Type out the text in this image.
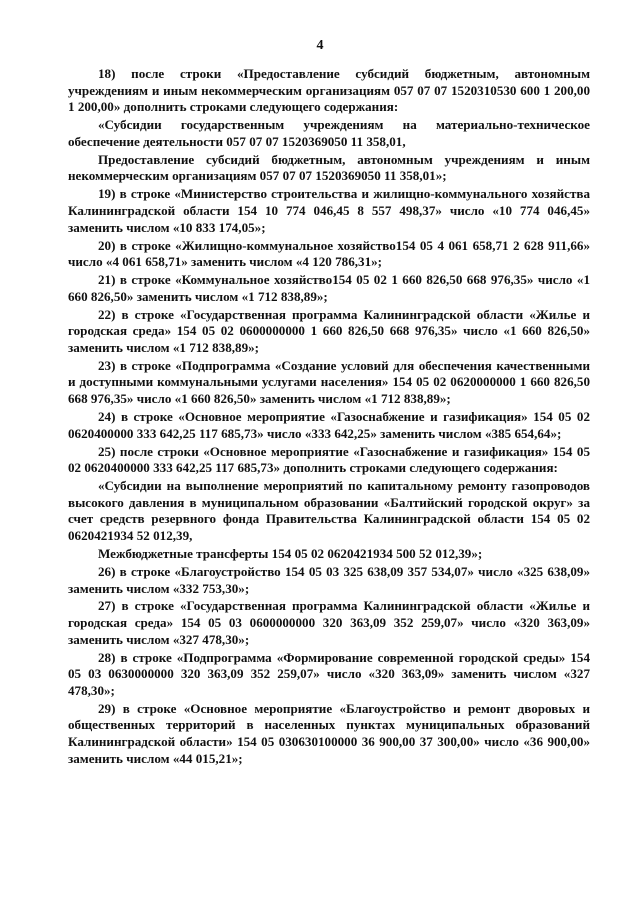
4

18) после строки «Предоставление субсидий бюджетным, автономным учреждениям и иным некоммерческим организациям 057 07 07 1520310530 600 1 200,00 1 200,00» дополнить строками следующего содержания:

«Субсидии государственным учреждениям на материально-техническое обеспечение деятельности 057 07 07 1520369050 11 358,01,

Предоставление субсидий бюджетным, автономным учреждениям и иным некоммерческим организациям 057 07 07 1520369050 11 358,01»;

19) в строке «Министерство строительства и жилищно-коммунального хозяйства Калининградской области 154 10 774 046,45 8 557 498,37» число «10 774 046,45» заменить числом «10 833 174,05»;

20) в строке «Жилищно-коммунальное хозяйство154 05 4 061 658,71 2 628 911,66» число «4 061 658,71» заменить числом «4 120 786,31»;

21) в строке «Коммунальное хозяйство154 05 02 1 660 826,50 668 976,35» число «1 660 826,50» заменить числом «1 712 838,89»;

22) в строке «Государственная программа Калининградской области «Жилье и городская среда» 154 05 02 0600000000 1 660 826,50 668 976,35» число «1 660 826,50» заменить числом «1 712 838,89»;

23) в строке «Подпрограмма «Создание условий для обеспечения качественными и доступными коммунальными услугами населения» 154 05 02 0620000000 1 660 826,50 668 976,35» число «1 660 826,50» заменить числом «1 712 838,89»;

24) в строке «Основное мероприятие «Газоснабжение и газификация» 154 05 02 0620400000 333 642,25 117 685,73» число «333 642,25» заменить числом «385 654,64»;

25) после строки «Основное мероприятие «Газоснабжение и газификация» 154 05 02 0620400000 333 642,25 117 685,73» дополнить строками следующего содержания:

«Субсидии на выполнение мероприятий по капитальному ремонту газопроводов высокого давления в муниципальном образовании «Балтийский городской округ» за счет средств резервного фонда Правительства Калининградской области 154 05 02 0620421934 52 012,39,

Межбюджетные трансферты 154 05 02 0620421934 500 52 012,39»;

26) в строке «Благоустройство 154 05 03 325 638,09 357 534,07» число «325 638,09» заменить числом «332 753,30»;

27) в строке «Государственная программа Калининградской области «Жилье и городская среда» 154 05 03 0600000000 320 363,09 352 259,07» число «320 363,09» заменить числом «327 478,30»;

28) в строке «Подпрограмма «Формирование современной городской среды» 154 05 03 0630000000 320 363,09 352 259,07» число «320 363,09» заменить числом «327 478,30»;

29) в строке «Основное мероприятие «Благоустройство и ремонт дворовых и общественных территорий в населенных пунктах муниципальных образований Калининградской области» 154 05 030630100000 36 900,00 37 300,00» число «36 900,00» заменить числом «44 015,21»;
